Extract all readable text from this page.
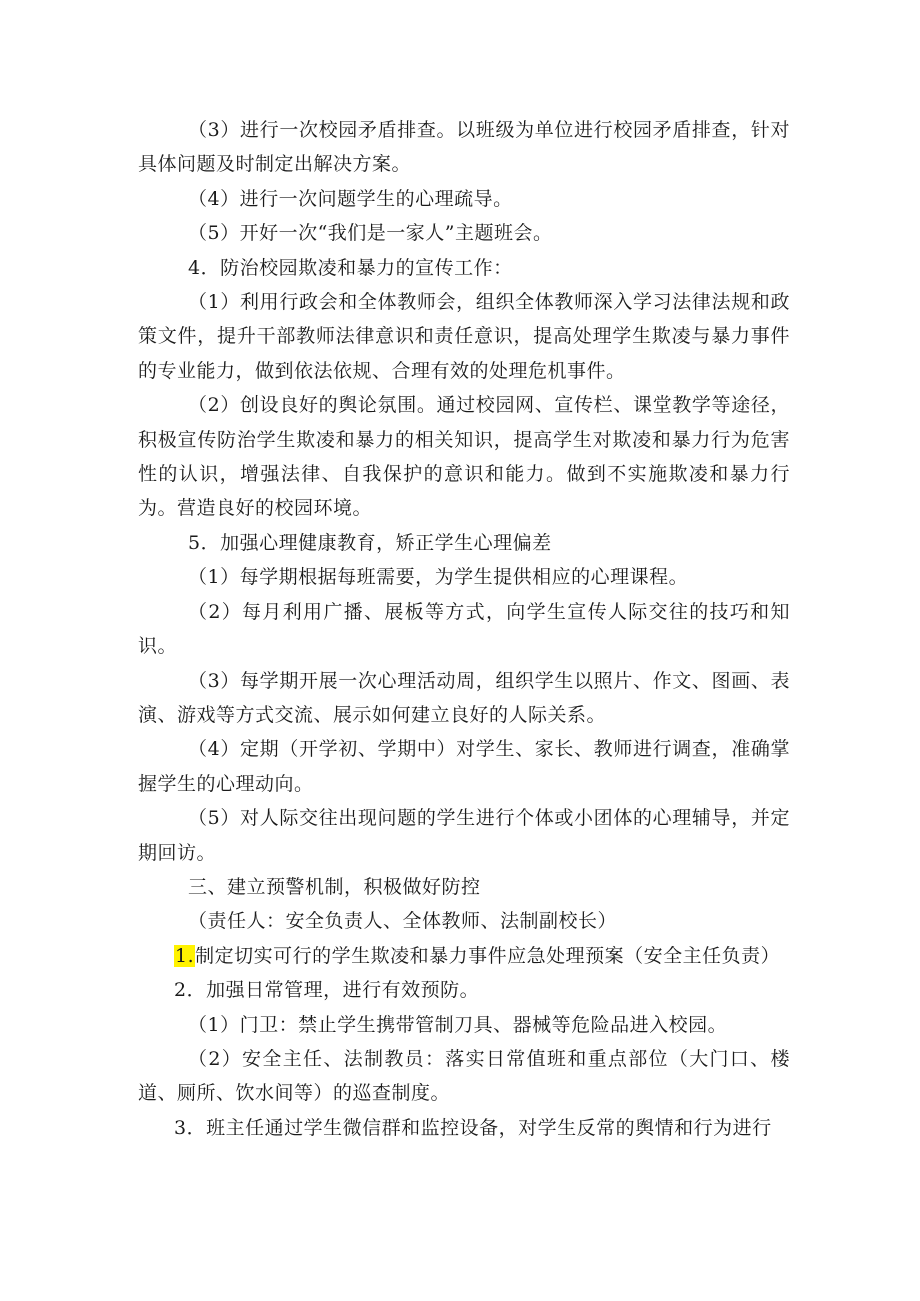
（3）进行一次校园矛盾排查。以班级为单位进行校园矛盾排查，针对具体问题及时制定出解决方案。

（4）进行一次问题学生的心理疏导。

（5）开好一次“我们是一家人”主题班会。

4．防治校园欺凌和暴力的宣传工作：

（1）利用行政会和全体教师会，组织全体教师深入学习法律法规和政策文件，提升干部教师法律意识和责任意识，提高处理学生欺凌与暴力事件的专业能力，做到依法依规、合理有效的处理危机事件。

（2）创设良好的舆论氛围。通过校园网、宣传栏、课堂教学等途径，积极宣传防治学生欺凌和暴力的相关知识，提高学生对欺凌和暴力行为危害性的认识，增强法律、自我保护的意识和能力。做到不实施欺凌和暴力行为。营造良好的校园环境。

5．加强心理健康教育，矫正学生心理偏差

（1）每学期根据每班需要，为学生提供相应的心理课程。

（2）每月利用广播、展板等方式，向学生宣传人际交往的技巧和知识。

（3）每学期开展一次心理活动周，组织学生以照片、作文、图画、表演、游戏等方式交流、展示如何建立良好的人际关系。

（4）定期（开学初、学期中）对学生、家长、教师进行调查，准确掌握学生的心理动向。

（5）对人际交往出现问题的学生进行个体或小团体的心理辅导，并定期回访。

三、建立预警机制，积极做好防控

（责任人：安全负责人、全体教师、法制副校长）

1.制定切实可行的学生欺凌和暴力事件应急处理预案（安全主任负责）

2．加强日常管理，进行有效预防。

（1）门卫：禁止学生携带管制刀具、器械等危险品进入校园。

（2）安全主任、法制教员：落实日常值班和重点部位（大门口、楼道、厕所、饮水间等）的巡查制度。

3．班主任通过学生微信群和监控设备，对学生反常的舆情和行为进行
